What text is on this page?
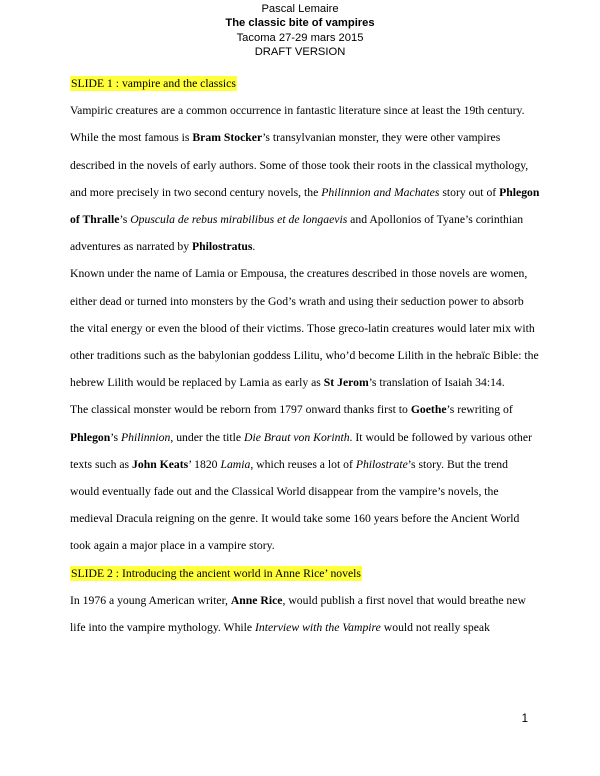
Pascal Lemaire
The classic bite of vampires
Tacoma 27-29 mars 2015
DRAFT VERSION
SLIDE 1 : vampire and the classics

Vampiric creatures are a common occurrence in fantastic literature since at least the 19th century. While the most famous is Bram Stocker’s transylvanian monster, they were other vampires described in the novels of early authors. Some of those took their roots in the classical mythology, and more precisely in two second century novels, the Philinnion and Machates story out of Phlegon of Thralle’s Opuscula de rebus mirabilibus et de longaevis and Apollonios of Tyane’s corinthian adventures as narrated by Philostratus.

Known under the name of Lamia or Empousa, the creatures described in those novels are women, either dead or turned into monsters by the God’s wrath and using their seduction power to absorb the vital energy or even the blood of their victims. Those greco-latin creatures would later mix with other traditions such as the babylonian goddess Lilitu, who’d become Lilith in the hebraïc Bible: the hebrew Lilith would be replaced by Lamia as early as St Jerom’s translation of Isaiah 34:14.

The classical monster would be reborn from 1797 onward thanks first to Goethe’s rewriting of Phlegon’s Philinnion, under the title Die Braut von Korinth. It would be followed by various other texts such as John Keats’ 1820 Lamia, which reuses a lot of Philostrate’s story. But the trend would eventually fade out and the Classical World disappear from the vampire’s novels, the medieval Dracula reigning on the genre. It would take some 160 years before the Ancient World took again a major place in a vampire story.

SLIDE 2 : Introducing the ancient world in Anne Rice’ novels

In 1976 a young American writer, Anne Rice, would publish a first novel that would breathe new life into the vampire mythology. While Interview with the Vampire would not really speak

1
